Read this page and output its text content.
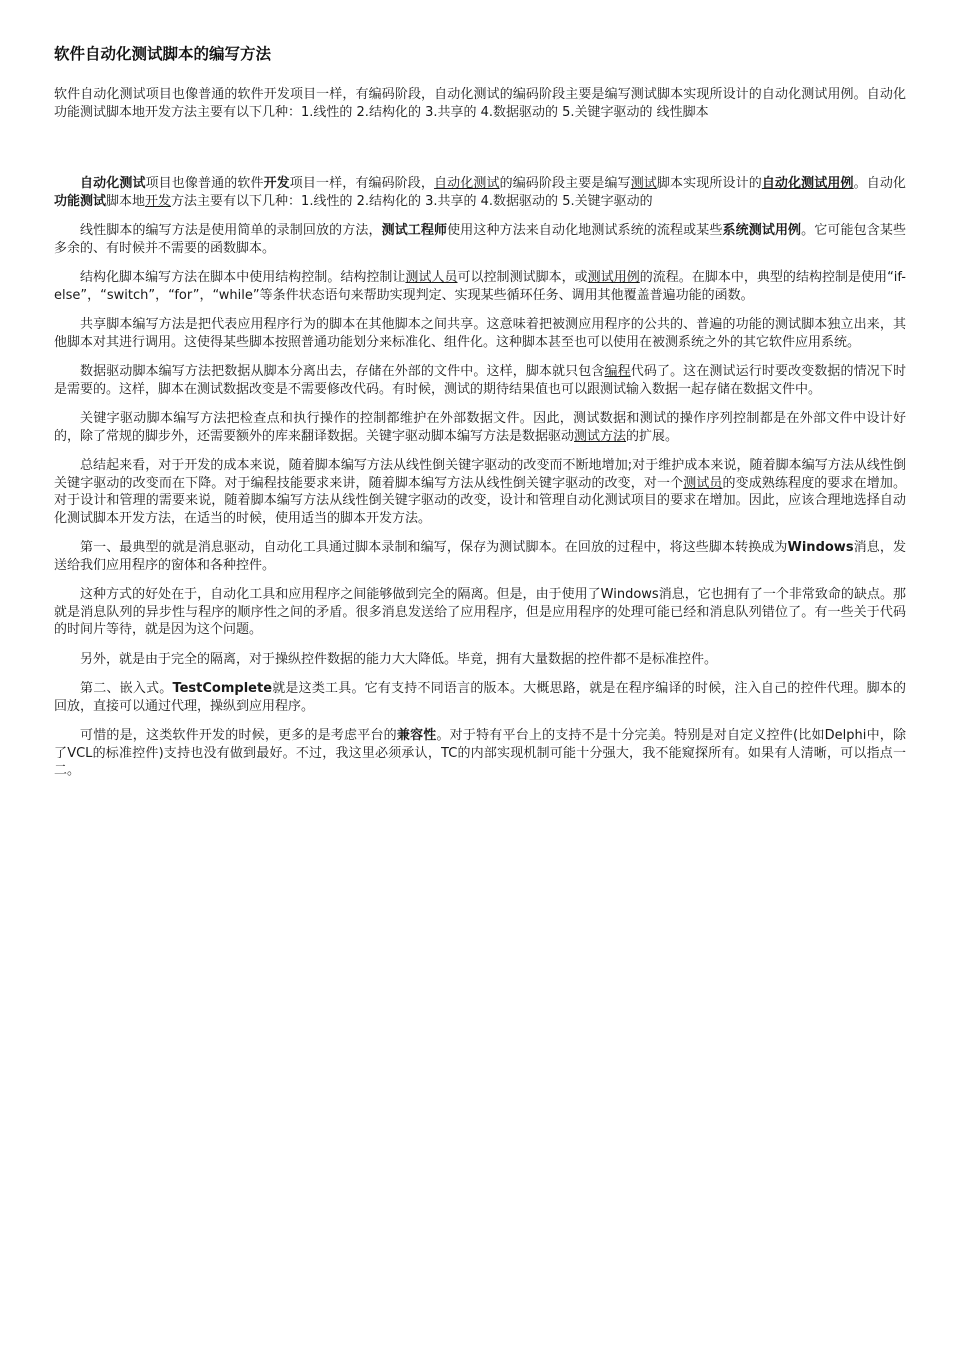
软件自动化测试脚本的编写方法

软件自动化测试项目也像普通的软件开发项目一样，有编码阶段，自动化测试的编码阶段主要是编写测试脚本实现所设计的自动化测试用例。自动化功能测试脚本地开发方法主要有以下几种：1.线性的 2.结构化的 3.共享的 4.数据驱动的 5.关键字驱动的 线性脚本

自动化测试项目也像普通的软件开发项目一样，有编码阶段，自动化测试的编码阶段主要是编写测试脚本实现所设计的自动化测试用例。自动化功能测试脚本地开发方法主要有以下几种：1.线性的 2.结构化的 3.共享的 4.数据驱动的 5.关键字驱动的

线性脚本的编写方法是使用简单的录制回放的方法，测试工程师使用这种方法来自动化地测试系统的流程或某些系统测试用例。它可能包含某些多余的、有时候并不需要的函数脚本。

结构化脚本编写方法在脚本中使用结构控制。结构控制让测试人员可以控制测试脚本，或测试用例的流程。在脚本中，典型的结构控制是使用“if-else”，“switch”，“for”，“while”等条件状态语句来帮助实现判定、实现某些循环任务、调用其他覆盖普遍功能的函数。

共享脚本编写方法是把代表应用程序行为的脚本在其他脚本之间共享。这意味着把被测应用程序的公共的、普遍的功能的测试脚本独立出来，其他脚本对其进行调用。这使得某些脚本按照普通功能划分来标准化、组件化。这种脚本甚至也可以使用在被测系统之外的其它软件应用系统。

数据驱动脚本编写方法把数据从脚本分离出去，存储在外部的文件中。这样，脚本就只包含编程代码了。这在测试运行时要改变数据的情况下时是需要的。这样，脚本在测试数据改变是不需要修改代码。有时候，测试的期待结果值也可以跟测试输入数据一起存储在数据文件中。

关键字驱动脚本编写方法把检查点和执行操作的控制都维护在外部数据文件。因此，测试数据和测试的操作序列控制都是在外部文件中设计好的，除了常规的脚步外，还需要额外的库来翻译数据。关键字驱动脚本编写方法是数据驱动测试方法的扩展。

总结起来看，对于开发的成本来说，随着脚本编写方法从线性倒关键字驱动的改变而不断地增加;对于维护成本来说，随着脚本编写方法从线性倒关键字驱动的改变而在下降。对于编程技能要求来讲，随着脚本编写方法从线性倒关键字驱动的改变，对一个测试员的变成熟练程度的要求在增加。对于设计和管理的需要来说，随着脚本编写方法从线性倒关键字驱动的改变，设计和管理自动化测试项目的要求在增加。因此，应该合理地选择自动化测试脚本开发方法，在适当的时候，使用适当的脚本开发方法。

第一、最典型的就是消息驱动，自动化工具通过脚本录制和编写，保存为测试脚本。在回放的过程中，将这些脚本转换成为Windows消息，发送给我们应用程序的窗体和各种控件。

这种方式的好处在于，自动化工具和应用程序之间能够做到完全的隔离。但是，由于使用了Windows消息，它也拥有了一个非常致命的缺点。那就是消息队列的异步性与程序的顺序性之间的矛盾。很多消息发送给了应用程序，但是应用程序的处理可能已经和消息队列错位了。有一些关于代码的时间片等待，就是因为这个问题。

另外，就是由于完全的隔离，对于操纵控件数据的能力大大降低。毕竟，拥有大量数据的控件都不是标准控件。

第二、嵌入式。TestComplete就是这类工具。它有支持不同语言的版本。大概思路，就是在程序编译的时候，注入自己的控件代理。脚本的回放，直接可以通过代理，操纵到应用程序。

可惜的是，这类软件开发的时候，更多的是考虑平台的兼容性。对于特有平台上的支持不是十分完美。特别是对自定义控件(比如Delphi中，除了VCL的标准控件)支持也没有做到最好。不过，我这里必须承认，TC的内部实现机制可能十分强大，我不能窥探所有。如果有人清晰，可以指点一二。
